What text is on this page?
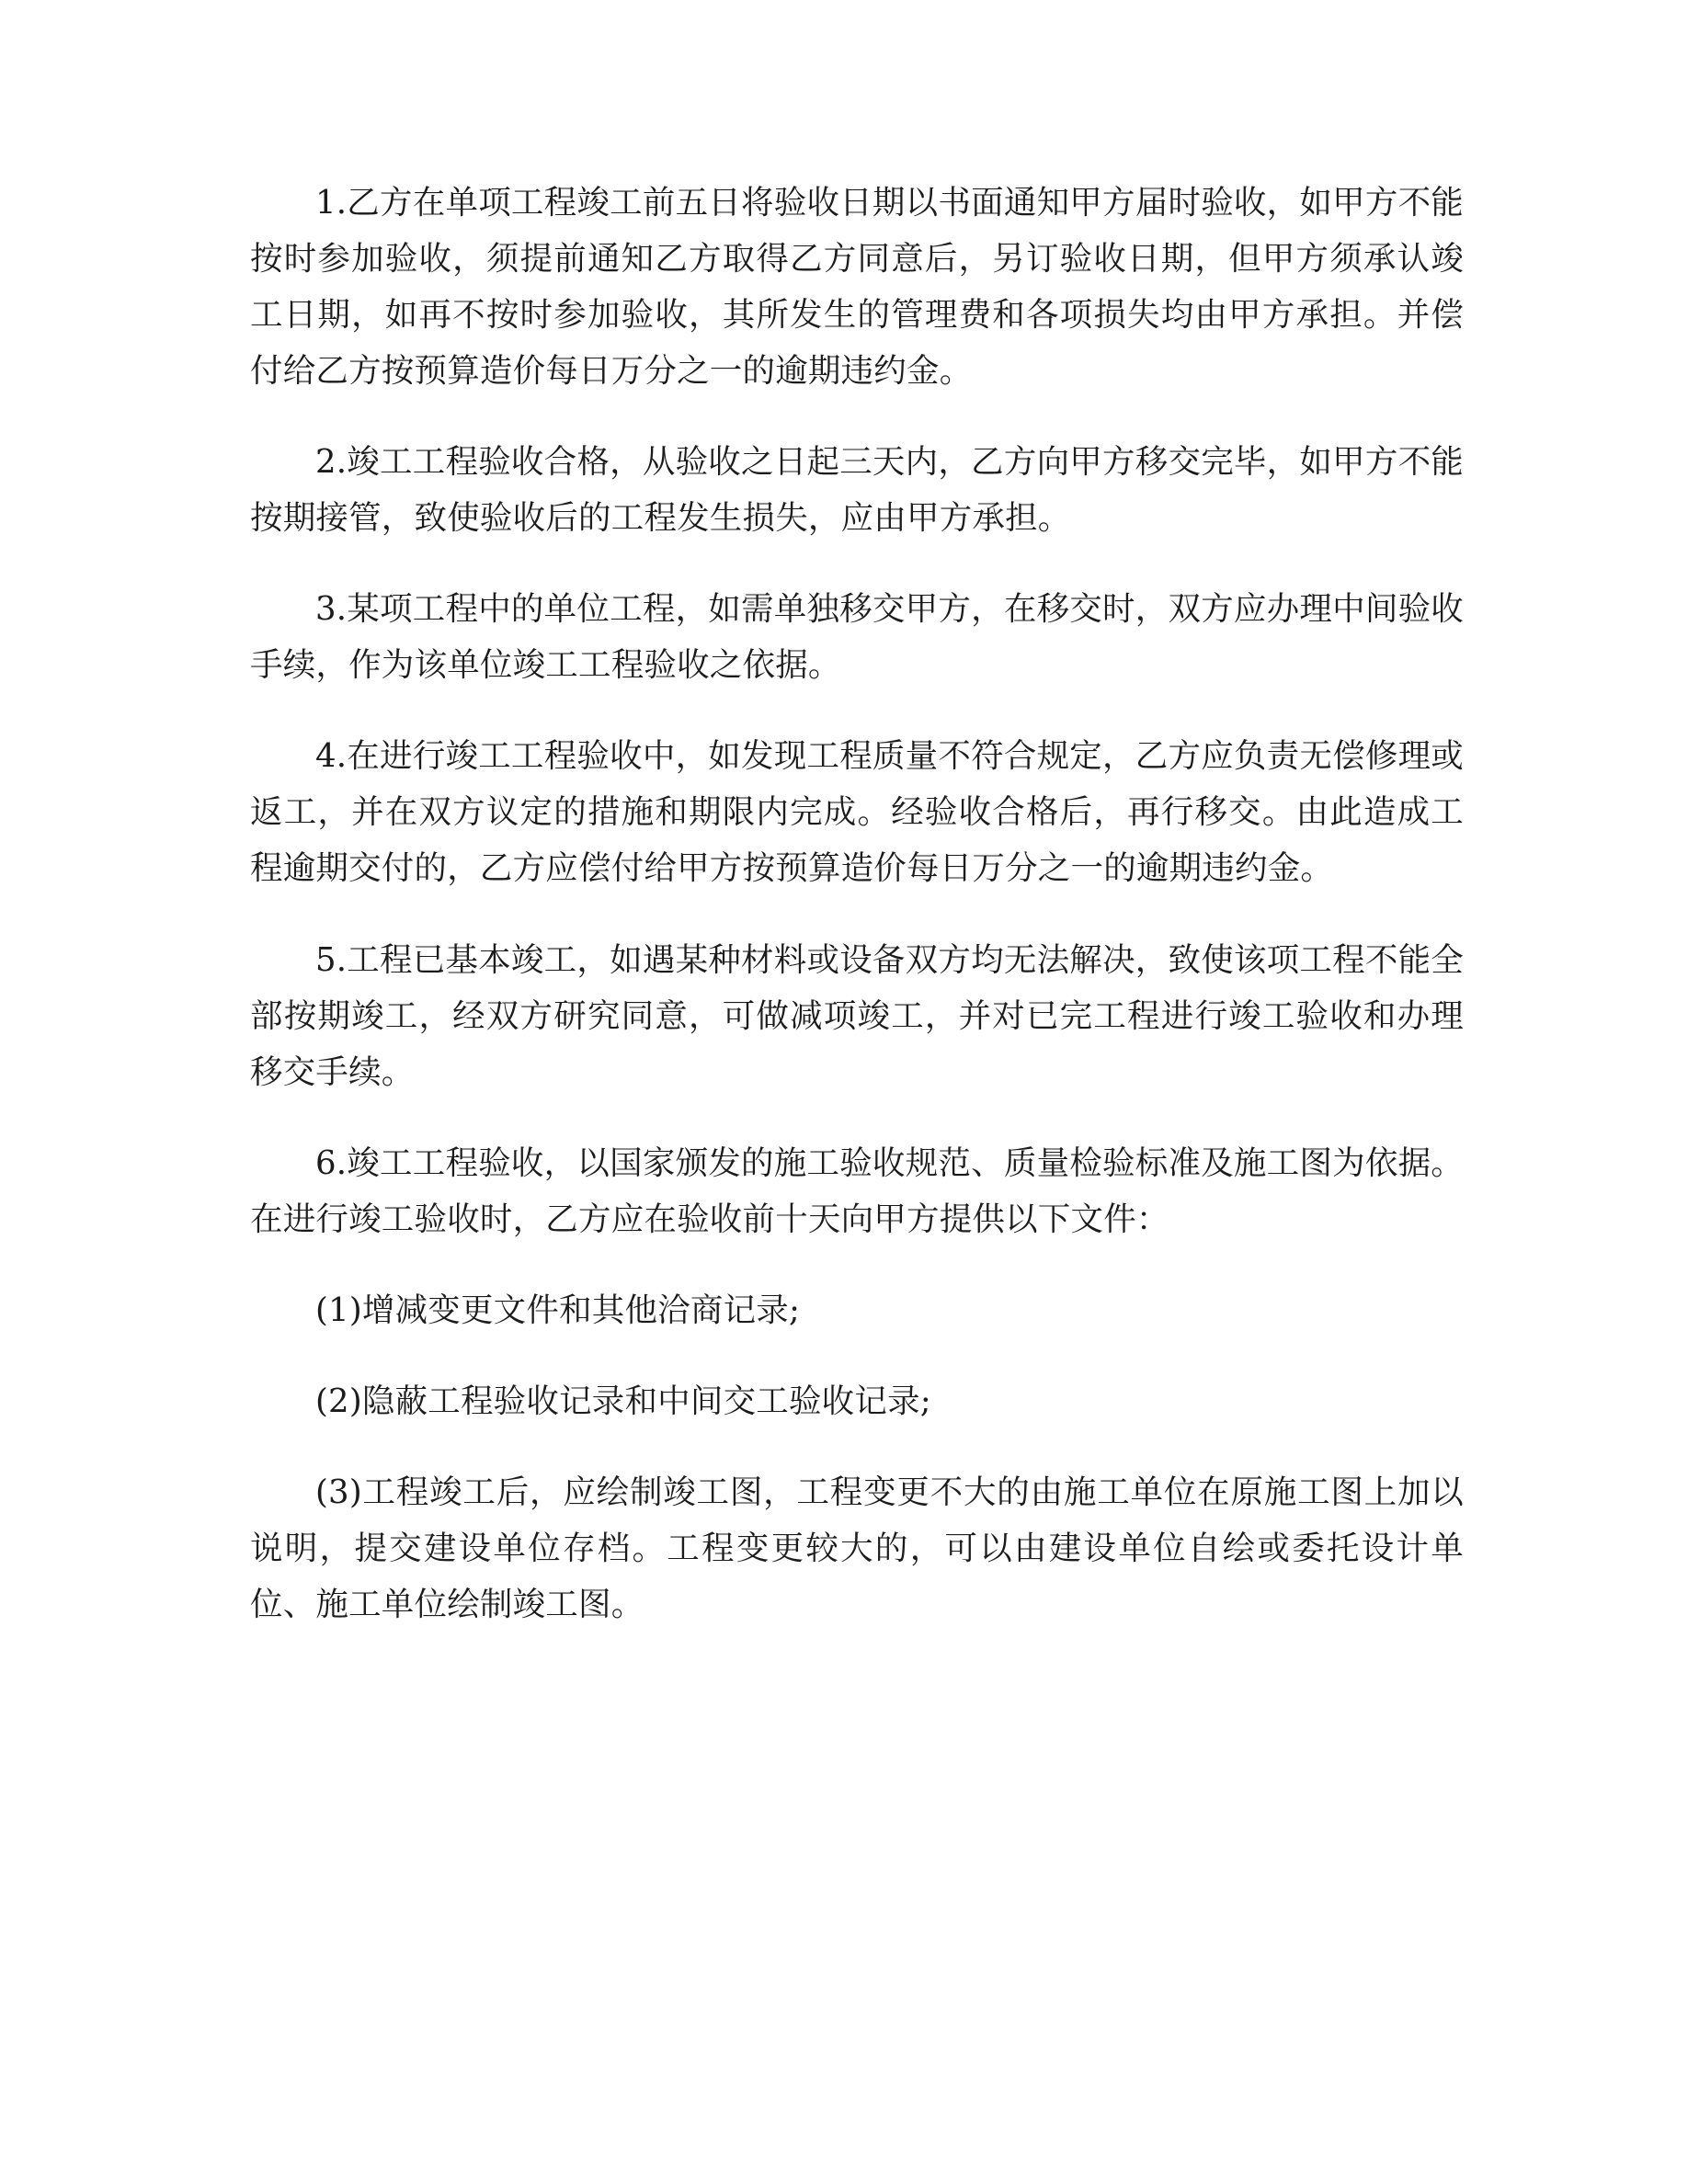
1.乙方在单项工程竣工前五日将验收日期以书面通知甲方届时验收，如甲方不能按时参加验收，须提前通知乙方取得乙方同意后，另订验收日期，但甲方须承认竣工日期，如再不按时参加验收，其所发生的管理费和各项损失均由甲方承担。并偿付给乙方按预算造价每日万分之一的逾期违约金。

2.竣工工程验收合格，从验收之日起三天内，乙方向甲方移交完毕，如甲方不能按期接管，致使验收后的工程发生损失，应由甲方承担。

3.某项工程中的单位工程，如需单独移交甲方，在移交时，双方应办理中间验收手续，作为该单位竣工工程验收之依据。

4.在进行竣工工程验收中，如发现工程质量不符合规定，乙方应负责无偿修理或返工，并在双方议定的措施和期限内完成。经验收合格后，再行移交。由此造成工程逾期交付的，乙方应偿付给甲方按预算造价每日万分之一的逾期违约金。

5.工程已基本竣工，如遇某种材料或设备双方均无法解决，致使该项工程不能全部按期竣工，经双方研究同意，可做减项竣工，并对已完工程进行竣工验收和办理移交手续。

6.竣工工程验收，以国家颁发的施工验收规范、质量检验标准及施工图为依据。在进行竣工验收时，乙方应在验收前十天向甲方提供以下文件：

(1)增减变更文件和其他洽商记录;

(2)隐蔽工程验收记录和中间交工验收记录;

(3)工程竣工后，应绘制竣工图，工程变更不大的由施工单位在原施工图上加以说明，提交建设单位存档。工程变更较大的，可以由建设单位自绘或委托设计单位、施工单位绘制竣工图。
